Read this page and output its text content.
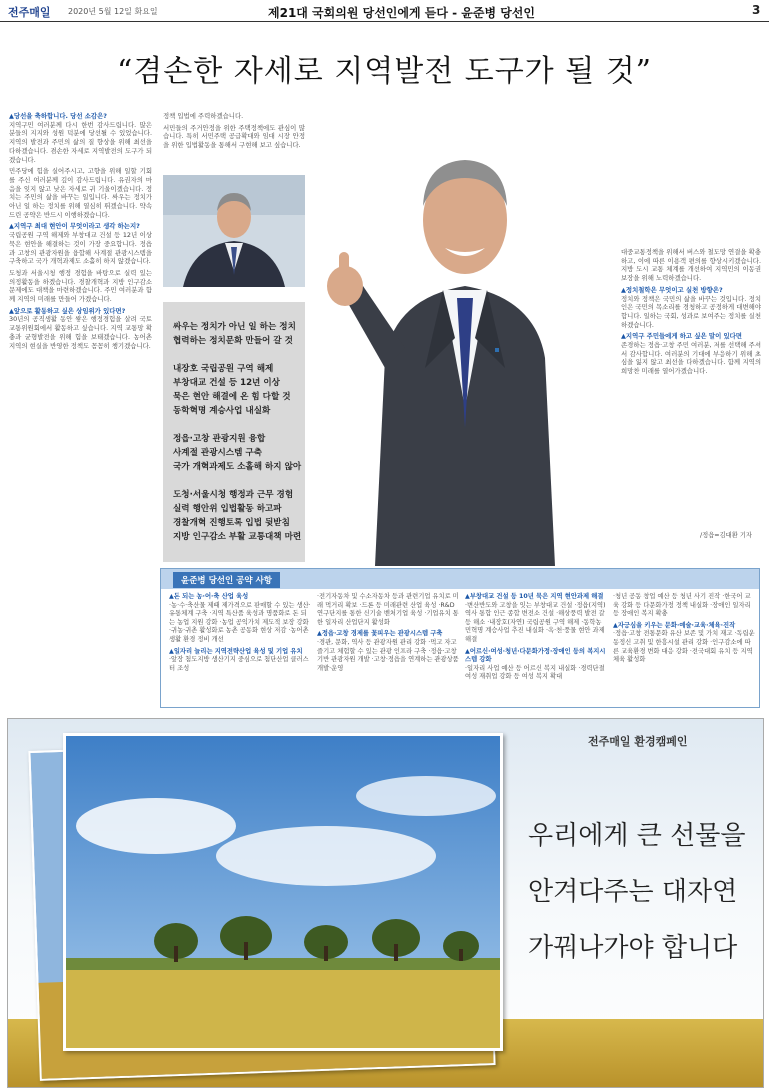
전주매일 2020년 5월 12일 화요일	제21대 국회의원 당선인에게 듣다 - 윤준병 당선인	3
“겸손한 자세로 지역발전 도구가 될 것”

▲당선을 축하합니다. 당선 소감은?
지역구민 여러분께 다시 한번 감사드립니다. 많은 분들의 지지와 성원 덕분에 당선될 수 있었습니다. 지역의 발전과 주민의 삶의 질 향상을 위해 최선을 다하겠습니다. 겸손한 자세로 지역발전의 도구가 되겠습니다.

민주당에 힘을 실어주시고, 고향을 위해 일할 기회를 주신 여러분께 깊이 감사드립니다. 유권자의 마음을 잊지 않고 낮은 자세로 귀 기울이겠습니다. 정치는 주민의 삶을 바꾸는 일입니다. 싸우는 정치가 아닌 일 하는 정치를 위해 열심히 뛰겠습니다. 약속드린 공약은 반드시 이행하겠습니다.

▲지역구 최대 현안이 무엇이라고 생각 하는지?
국립공원 구역 해제와 부창대교 건설 등 12년 이상 묵은 현안을 해결하는 것이 가장 중요합니다. 정읍과 고창의 관광자원을 융합해 사계절 관광시스템을 구축하고 국가 개혁과제도 소홀히 하지 않겠습니다.

도청과 서울시청 행정 경험을 바탕으로 실력 있는 의정활동을 하겠습니다. 경찰개혁과 지방 인구감소 문제에도 대책을 마련하겠습니다. 주민 여러분과 함께 지역의 미래를 만들어 가겠습니다.

▲앞으로 활동하고 싶은 상임위가 있다면?
30년의 공직생활 동안 쌓은 행정경험을 살려 국토교통위원회에서 활동하고 싶습니다. 지역 교통망 확충과 균형발전을 위해 힘을 보태겠습니다. 농어촌 지역의 현실을 반영한 정책도 꼼꼼히 챙기겠습니다.

정책 입법에 주력하겠습니다.

서민들의 주거안정을 위한 주택정책에도 관심이 많습니다. 특히 서민주택 공급확대와 임대 시장 안정을 위한 입법활동을 통해서 구현해 보고 싶습니다.

싸우는 정치가 아닌 일 하는 정치
협력하는 정치문화 만들어 갈 것
내장호 국립공원 구역 해제
부창대교 건설 등 12년 이상
묵은 현안 해결에 온 힘 다할 것
동학혁명 계승사업 내실화
정읍·고창 관광지원 융합
사계절 관광시스템 구축
국가 개혁과제도 소홀해 하지 않아
도청·서울시청 행정과 근무 경험
실력 행안위 입법활동 하고파
경찰개혁 진행토록 입법 뒷받침
지방 인구감소 부활 교통대책 마련

대중교통정책을 위해서 버스와 철도망 연결을 확충하고, 이에 따른 이용객 편의를 향상시키겠습니다. 지방 도시 교통 체계를 개선하여 지역민의 이동권 보장을 위해 노력하겠습니다.

▲정치철학은 무엇이고 실천 방향은?
정치와 정책은 국민의 삶을 바꾸는 것입니다. 정치인은 국민의 목소리를 경청하고 공정하게 대변해야 합니다. 일하는 국회, 성과로 보여주는 정치를 실천하겠습니다.

▲지역구 주민들에게 하고 싶은 말이 있다면
존경하는 정읍·고창 주민 여러분, 저를 선택해 주셔서 감사합니다. 여러분의 기대에 부응하기 위해 초심을 잃지 않고 최선을 다하겠습니다. 함께 지역의 희망찬 미래를 열어가겠습니다.

/정읍=김대환 기자
윤준병 당선인 공약 사항
▲돈 되는 농·어·축 산업 육성
·농·수·축산물 제때 제가격으로 판매할 수 있는 생산·유통체계 구축 ·지역 특산품 육성과 명품화로 돈 되는 농업 지원 강화 ·농업 공익가치 제도적 보장 강화 ·귀농·귀촌 활성화로 농촌 공동화 현상 저감 ·농어촌 생활 환경 정비 개선
▲일자리 늘리는 지역전략산업 육성 및 기업 유치
·앞장 첨도지방 생산기지 중심으로 첨단산업 클러스터 조성
·전기자동차 및 수소자동차 등과 관련기업 유치로 미래 먹거리 확보 ·드론 등 미래관련 산업 육성 ·R&D 연구단지를 통한 신기술 벤처기업 육성 ·기업유치 통한 일자리 산업단지 활성화
▲정읍·고창 경제를 꽃피우는 관광시스템 구축
·경관, 문화, 역사 등 관광자원 관리 강화 ·먹고 자고 즐기고 체험할 수 있는 관광 인프라 구축 ·정읍·고창 기반 관광자원 개발 ·고창·정읍을 연계하는 관광상품 개발·운영
▲부창대교 건설 등 10년 묵은 지역 현안과제 해결
·변산반도와 고창을 잇는 부창대교 건설 ·정읍(지역)역사 통합 인근 종합 변전소 건설 ·해상풍력 발전 갈등 해소 ·내장호(자연) 국립공원 구역 해제 ·동학농민혁명 계승사업 추진 내실화 ·옥·천·풍물 현안 과제 해결
▲어르신·여성·청년·다문화가정·장애인 등의 복지시스템 강화
·일자리 사업 예산 등 어르신 복지 내실화 ·경력단절 여성 재취업 강화 등 여성 복지 확대
·청년 공동 창업 예산 등 청년 사기 진작 ·한국어 교육 강화 등 다문화가정 정책 내실화 ·장애인 일자리 등 장애인 복지 확충
▲자긍심을 키우는 문화·예술·교육·체육·진작
·정읍·고창 전통문화 유산 보존 및 가치 재고 ·독립운동정신 고취 및 한흥시설 관리 강화 ·인구감소에 따른 교육환경 변화 대응 강화 ·전국대회 유치 등 지역체육 활성화
전주매일 환경캠페인
우리에게 큰 선물을
안겨다주는 대자연
가꿔나가야 합니다
